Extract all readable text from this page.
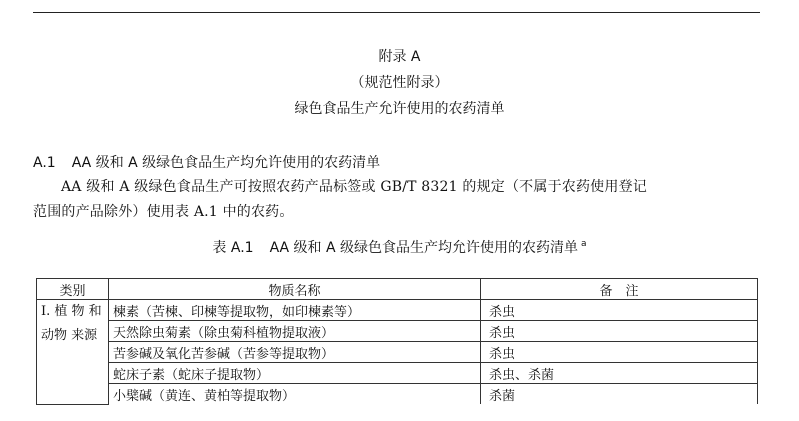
附录 A
（规范性附录）
绿色食品生产允许使用的农药清单
A.1 AA 级和 A 级绿色食品生产均允许使用的农药清单
AA 级和 A 级绿色食品生产可按照农药产品标签或 GB/T 8321 的规定（不属于农药使用登记
范围的产品除外）使用表 A.1 中的农药。
表 A.1 AA 级和 A 级绿色食品生产均允许使用的农药清单 $^a$
类别	物质名称	备　注
I. 植 物 和动物 来源	楝素（苦楝、印楝等提取物，如印楝素等）	杀虫
	天然除虫菊素（除虫菊科植物提取液）	杀虫
	苦参碱及氧化苦参碱（苦参等提取物）	杀虫
	蛇床子素（蛇床子提取物）	杀虫、杀菌
	小檗碱（黄连、黄柏等提取物）	杀菌
